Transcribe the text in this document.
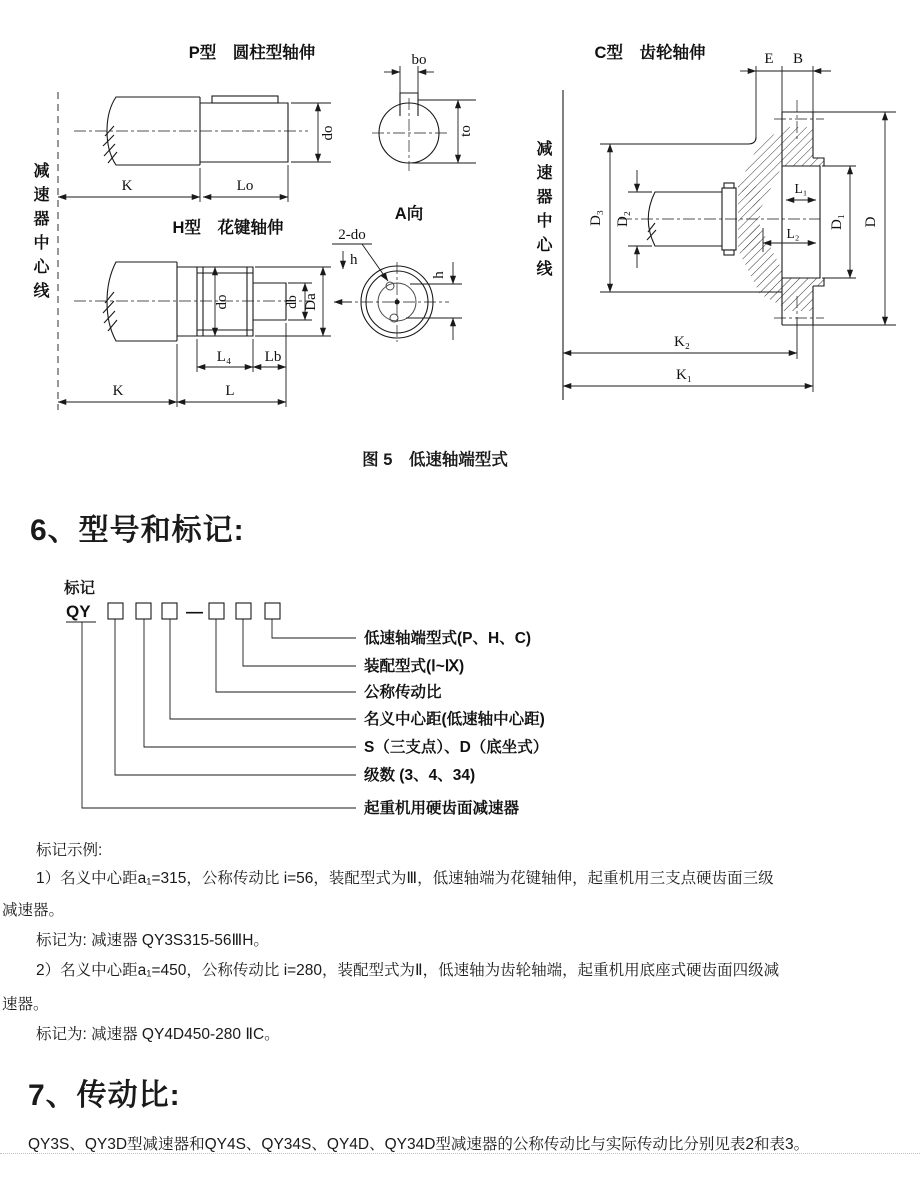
P型　圆柱型轴伸
do
K	Lo
bo
to
A向
H型　花键轴伸
do	db Da
2-do
h
h
L₄ Lb
K	L
C型　齿轮轴伸	E B
D₂
D₃
L₁
L₂
D₁ D
K₂
K₁
减速器中心线	减速器中心线
图 5　低速轴端型式
6、型号和标记:
标记
QY	—
低速轴端型式(P、H、C)
装配型式(Ⅰ~Ⅸ)
公称传动比
名义中心距(低速轴中心距)
S（三支点）、D（底坐式）
级数 (3、4、34)
起重机用硬齿面减速器
标记示例:
1）名义中心距a₁=315，公称传动比 i=56，装配型式为Ⅲ，低速轴端为花键轴伸，起重机用三支点硬齿面三级
减速器。
标记为: 减速器 QY3S315-56ⅢH。
2）名义中心距a₁=450，公称传动比 i=280，装配型式为Ⅱ，低速轴为齿轮轴端，起重机用底座式硬齿面四级减
速器。
标记为: 减速器 QY4D450-280 ⅡC。
7、传动比:
QY3S、QY3D型减速器和QY4S、QY34S、QY4D、QY34D型减速器的公称传动比与实际传动比分别见表2和表3。
